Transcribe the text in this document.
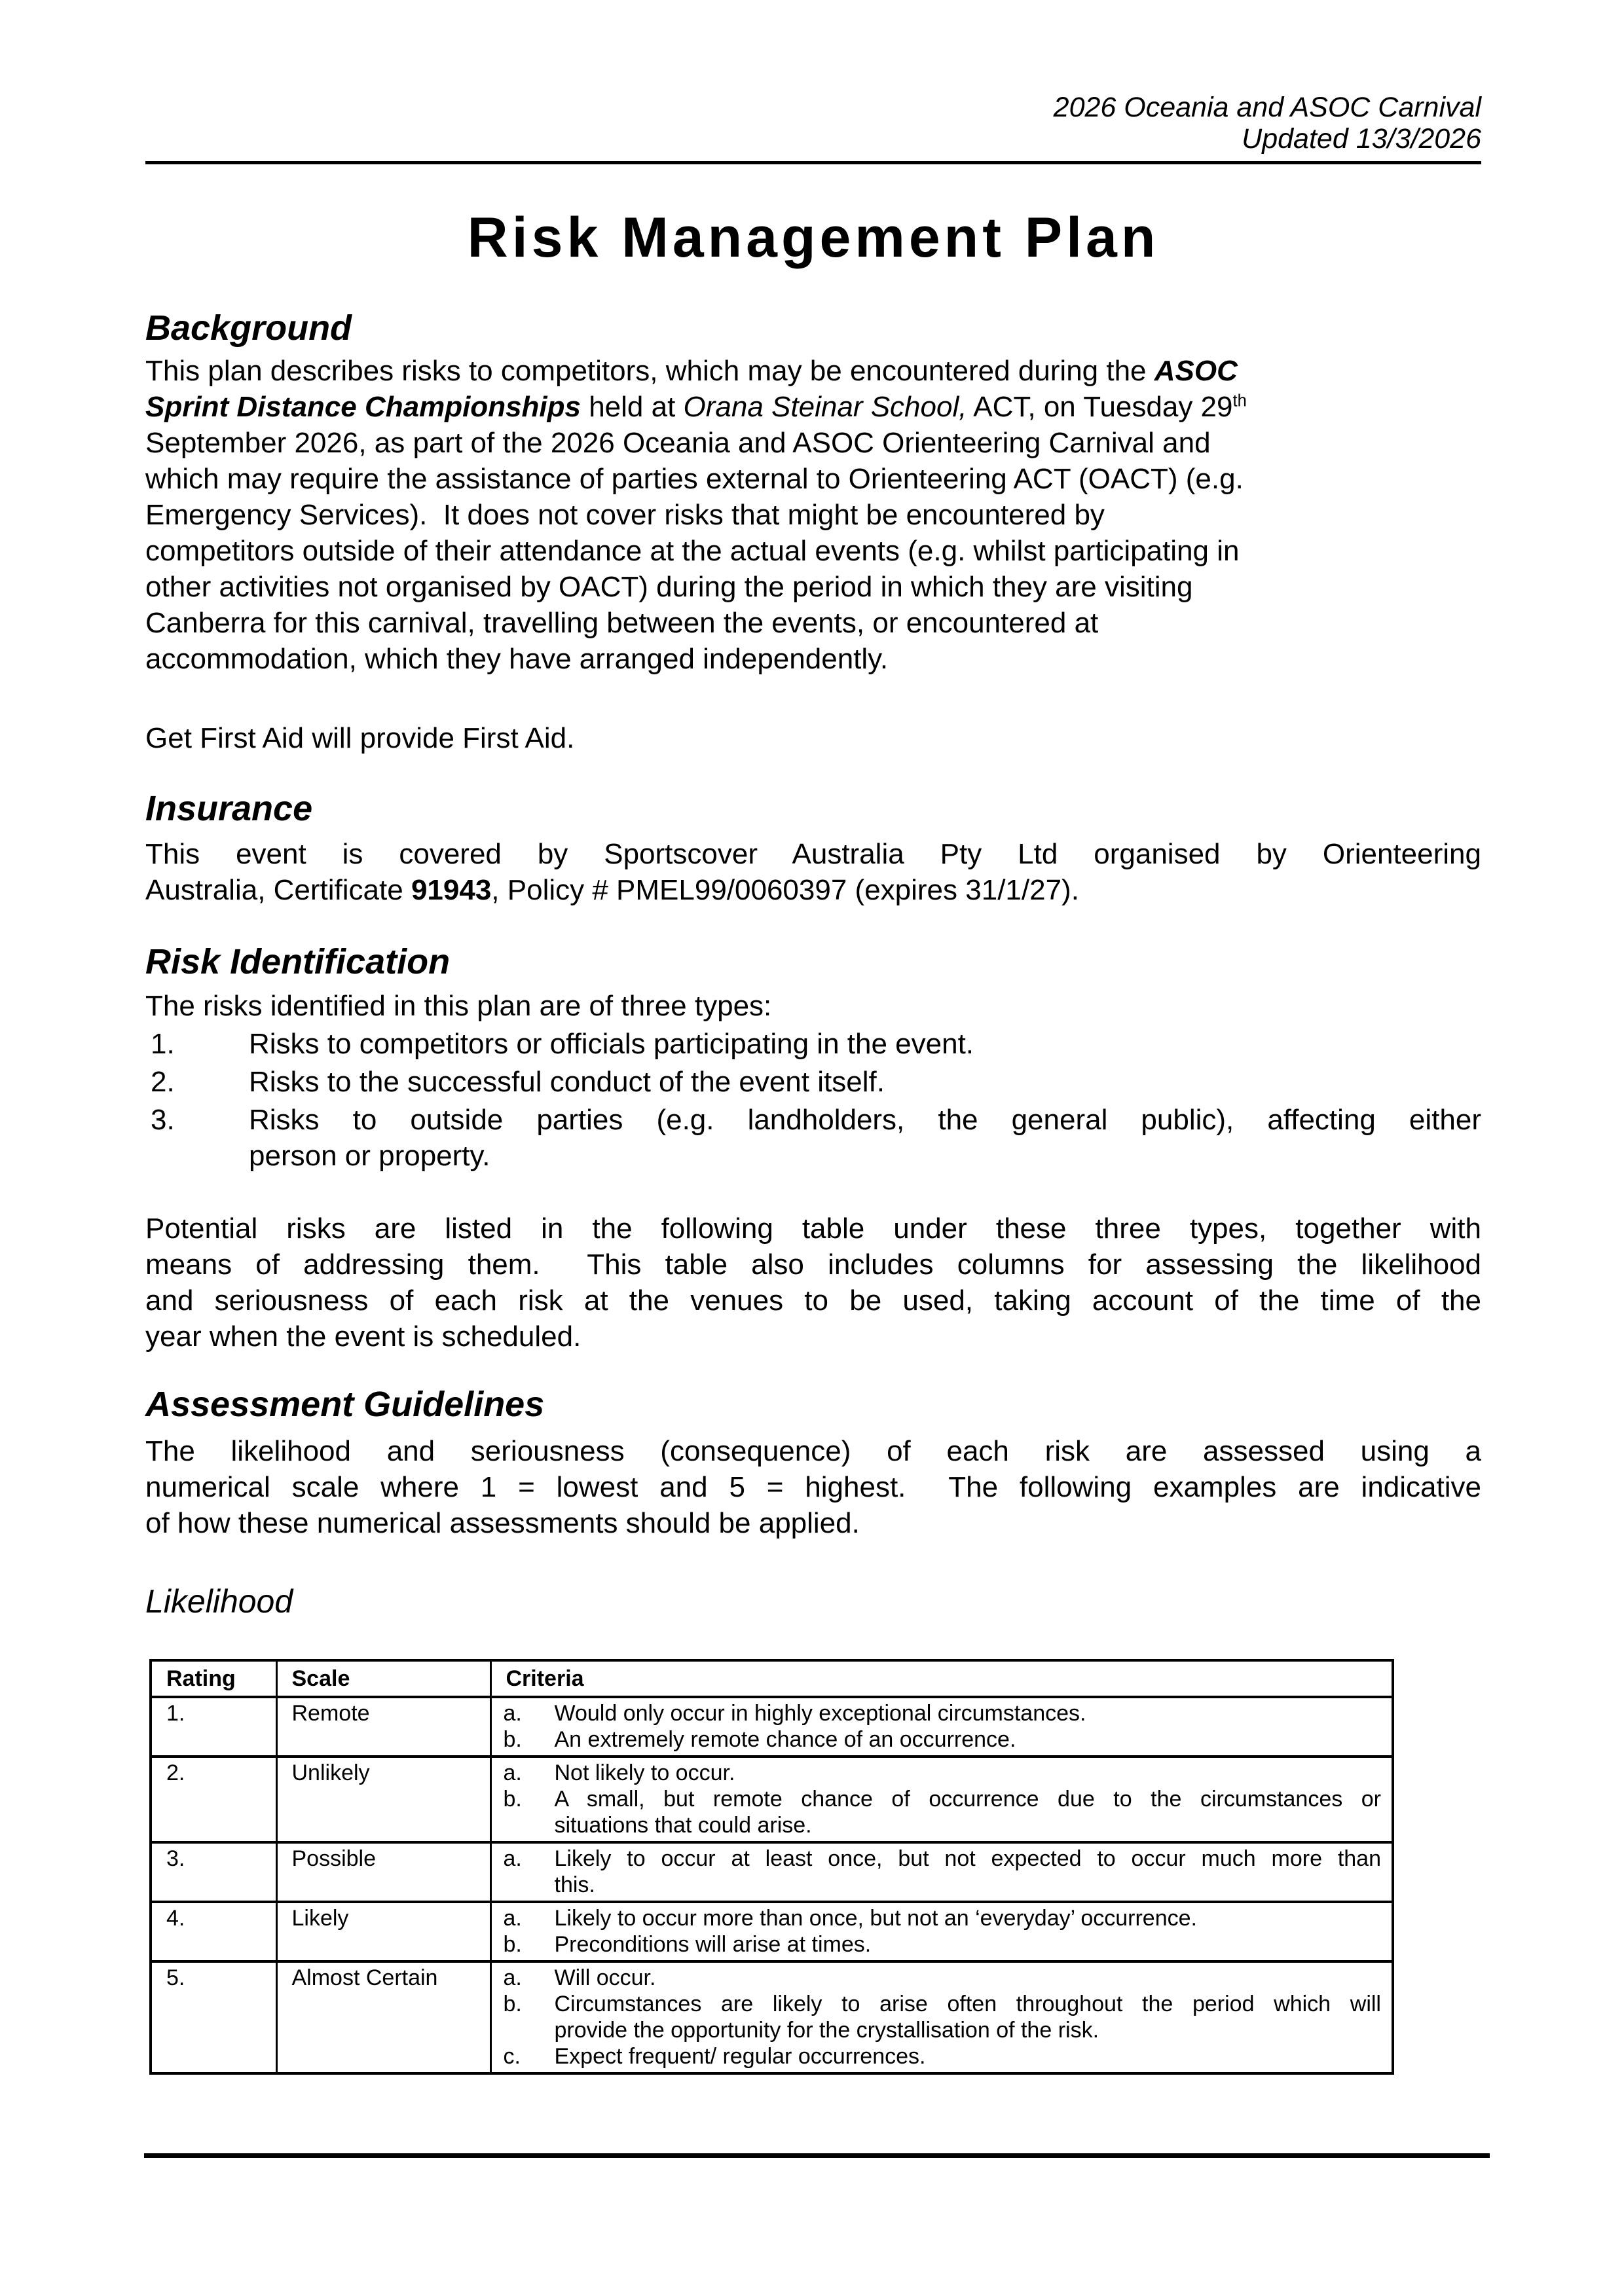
2026 Oceania and ASOC Carnival
Updated 13/3/2026
Risk Management Plan
Background
This plan describes risks to competitors, which may be encountered during the ASOC
Sprint Distance Championships held at Orana Steinar School, ACT, on Tuesday 29th
September 2026, as part of the 2026 Oceania and ASOC Orienteering Carnival and
which may require the assistance of parties external to Orienteering ACT (OACT) (e.g.
Emergency Services).  It does not cover risks that might be encountered by
competitors outside of their attendance at the actual events (e.g. whilst participating in
other activities not organised by OACT) during the period in which they are visiting
Canberra for this carnival, travelling between the events, or encountered at
accommodation, which they have arranged independently.
Get First Aid will provide First Aid.
Insurance
This event is covered by Sportscover Australia Pty Ltd organised by Orienteering
Australia, Certificate 91943, Policy # PMEL99/0060397 (expires 31/1/27).
Risk Identification
The risks identified in this plan are of three types:
1.	Risks to competitors or officials participating in the event.
2.	Risks to the successful conduct of the event itself.
3.	Risks to outside parties (e.g. landholders, the general public), affecting either
person or property.
Potential risks are listed in the following table under these three types, together with
means of addressing them.  This table also includes columns for assessing the likelihood
and seriousness of each risk at the venues to be used, taking account of the time of the
year when the event is scheduled.
Assessment Guidelines
The likelihood and seriousness (consequence) of each risk are assessed using a
numerical scale where 1 = lowest and 5 = highest.  The following examples are indicative
of how these numerical assessments should be applied.
Likelihood
Rating	Scale	Criteria
1.	Remote	a. Would only occur in highly exceptional circumstances.
b. An extremely remote chance of an occurrence.

2.	Unlikely	a. Not likely to occur.
b. A small, but remote chance of occurrence due to the circumstances or
situations that could arise.

3.	Possible	a. Likely to occur at least once, but not expected to occur much more than
this.

4.	Likely	a. Likely to occur more than once, but not an ‘everyday’ occurrence.
b. Preconditions will arise at times.

5.	Almost Certain	a. Will occur.
b. Circumstances are likely to arise often throughout the period which will
provide the opportunity for the crystallisation of the risk.
c. Expect frequent/ regular occurrences.
